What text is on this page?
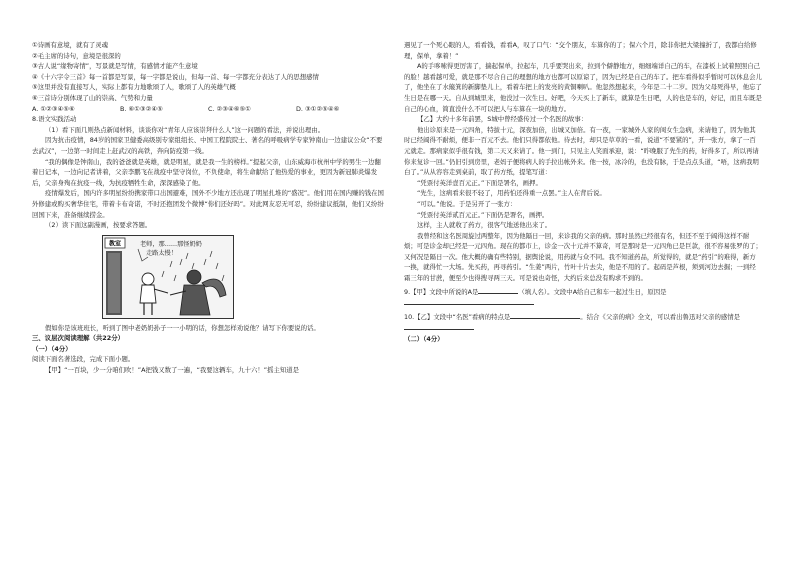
①诗画有意境，就有了灵魂
②毛主席的诗句，意境是很深的
③古人说“缘物寄情”，写景就是写情，有感情才能产生意境
④《十六字令三首》每一首都是写景，每一字都是说山，但每一首、每一字都充分表达了人的思想感情
⑤这里并没有直接写人，实际上都有力地歌颂了人，歌颂了人的英雄气概
⑥三首诗分别体现了山的崇高、气势和力量
A. ①②③④⑤⑥	B. ⑥①③②④⑤	C. ②③④⑥⑤①	D. ③①②⑤④⑥
8.语文实践活动
（1）看下面几则热点新闻材料，谈谈你对“青年人应该崇拜什么人”这一问题的看法，并说出理由。
因为抗击疫情，84岁的国家卫健委高级别专家组组长、中国工程院院士、著名的呼吸病学专家钟南山一边建议公众“不要去武汉”，一边第一时间走上赶武汉的高铁，奔向防疫第一线。
“我的偶像是钟南山，我的爸爸就是英雄，就是明星，就是我一生的榜样。”提起父亲，山东威海市杭州中学的男生一边翻着日记本，一边向记者讲着，父亲李鹏飞在战疫中坚守岗位，不负使命，将生命献给了他热爱的事业，更因为新冠肺炎爆发后，父亲身殉在抗疫一线，为抗疫牺牲生命，深深感染了他。
疫情爆发后，国内许多明星纷纷携家带口出国避难，国外不少地方还出现了明星扎堆的“盛况”。他们用在国内赚的钱在国外修建或购买奢华住宅，带着卡布奇诺，不时还抱团发个微博“你们还好吗”。对此网友忍无可忍，纷纷建议抵制，他们又纷纷回国下来，准备继续捞金。
（2）读下面这副漫画，按要求答题。
教室	老师，那……那怪奶奶
走路太慢！
假如你是该班班长，听到了图中老奶奶孙子一一小明的话，你想怎样劝说他？请写下你要说的话。
三、议层次阅读理解（共22分）
（一）（4分）
阅读下面名著选段，完成下面小题。
【甲】“一百块，少一分咱们吹！”A把钱又数了一遍，“我要这辆车，九十六！”摇主知道是
遇见了一个死心眼的人，看看钱，看看A，叹了口气：“交个朋友，车算你的了；保六个月，除非你把大梁撞折了，我都白给修理，保单，拿着！”
A的手哆嗦得更厉害了，揣起保单，拉起车，几乎要哭出来，拉到个僻静地方，细细端详自己的车，在漆板上试着照照自己的脸！越看越可爱，就是那不尽合自己的理想的地方也都可以原谅了，因为已经是自己的车了。把车看得似乎暂时可以休息会儿了，他坐在了水簸箕的新脚垫儿上，看着车把上的发亮的黄铜喇叭。他忽然想起来，今年是二十二岁。因为父母死得早，他忘了生日是在哪一天。自从到城里来，他没过一次生日。好吧，今天买上了新车，就算是生日吧，人的也是车的，好记，而且车既是自己的心血，简直没什么不可以把人与车算在一块的地方。
【乙】大约十多年前罢，S城中曾经盛传过一个名医的故事：
他出诊原来是一元四角，特拔十元，深夜加倍，出城又加倍。有一夜，一家城外人家的闺女生急病，来请他了，因为他其时已经阔得不耐烦，便非一百元不去。他们只得都依他。待去时，却只是草草的一看，说道“不要紧的”，开一张方，拿了一百元就走。那病家似乎很有钱，第二天又来请了。他一到门，只见主人笑面承迎，说：“昨晚服了先生的药，好得多了，所以再请你来复诊一回。”仍旧引到房里，老妈子便将病人的手拉出帐外来。他一按，冰冷的，也没有脉，于是点点头道，“唔，这病我明白了。”从从容容走到桌前，取了药方纸，提笔写道：
“凭票付英洋壹百元正。”下面是署名，画押。
“先生，这病看来很不轻了，用药怕还得重一点罢。”主人在背后说。
“可以。”他说。于是另开了一张方：
“凭票付英洋贰百元正。”下面仍是署名，画押。
这样，主人就收了药方，很客气地送他出来了。
我曾经和这名医周旋过两整年，因为他隔日一回，来诊我的父亲的病。那时虽然已经很有名，但还不至于阔得这样不耐烦；可是诊金却已经是一元四角。现在的都市上，诊金一次十元并不算奇，可是那时是一元四角已是巨款，很不容易张罗的了；又何况是隔日一次。他大概的确有些特别，据舆论说，用药就与众不同。我不知道药品，所觉得的，就是“药引”的难得，新方一换，就得忙一大场。先买药，再寻药引。“生姜”两片，竹叶十片去尖，他是不用的了。起码是芦根，须到河边去掘；一到经霜三年的甘蔗，便至少也得搜寻两三天。可是说也奇怪，大约后来总没有购求不到的。
9.【甲】文段中所说的A是	（填人名）。文段中A给自己和车一起过生日，原因是
10.【乙】文段中“名医”看病的特点是	。结合《父亲的病》全文，可以看出鲁迅对父亲的感情是
（二）（4分）
